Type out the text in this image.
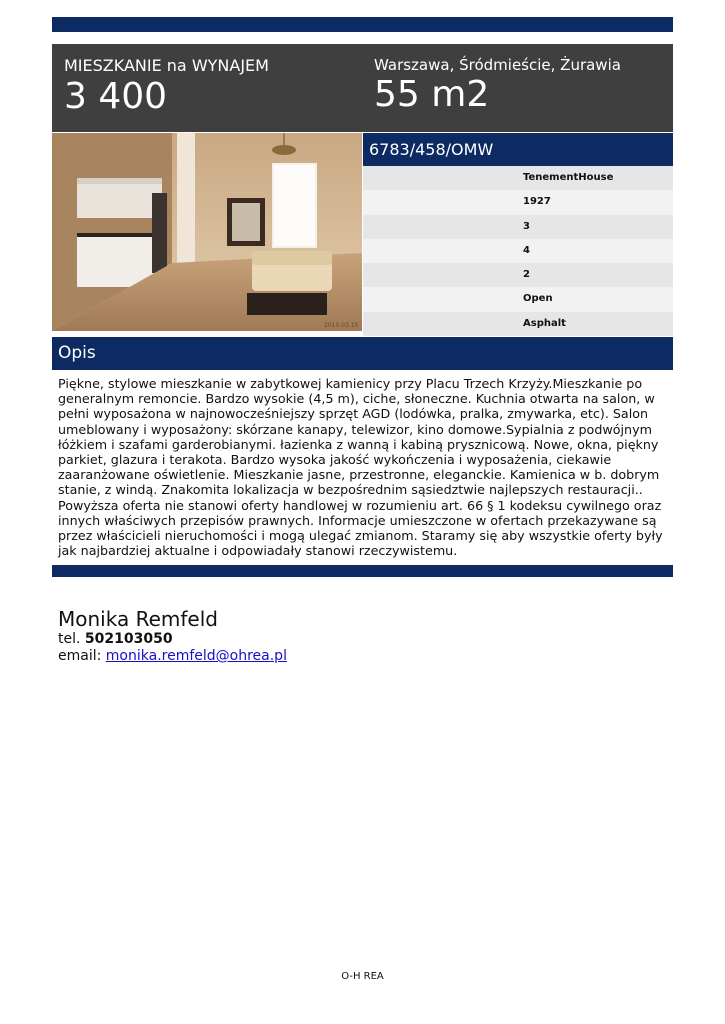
MIESZKANIE na WYNAJEM
3 400
Warszawa, Śródmieście, Żurawia
55 m2
2010.03.15
6783/458/OMW
TenementHouse
1927
3
4
2
Open
Asphalt
Opis
Piękne, stylowe mieszkanie w zabytkowej kamienicy przy Placu Trzech Krzyży.Mieszkanie po generalnym remoncie. Bardzo wysokie (4,5 m), ciche, słoneczne. Kuchnia otwarta na salon, w pełni wyposażona w najnowocześniejszy sprzęt AGD (lodówka, pralka, zmywarka, etc). Salon umeblowany i wyposażony: skórzane kanapy, telewizor, kino domowe.Sypialnia z podwójnym łóżkiem i szafami garderobianymi. łazienka z wanną i kabiną prysznicową. Nowe, okna, piękny parkiet, glazura i terakota. Bardzo wysoka jakość wykończenia i wyposażenia, ciekawie zaaranżowane oświetlenie. Mieszkanie jasne, przestronne, eleganckie. Kamienica w b. dobrym stanie, z windą. Znakomita lokalizacja w bezpośrednim sąsiedztwie najlepszych restauracji.. Powyższa oferta nie stanowi oferty handlowej w rozumieniu art. 66 § 1 kodeksu cywilnego oraz innych właściwych przepisów prawnych. Informacje umieszczone w ofertach przekazywane są przez właścicieli nieruchomości i mogą ulegać zmianom. Staramy się aby wszystkie oferty były jak najbardziej aktualne i odpowiadały stanowi rzeczywistemu.
Monika Remfeld
tel. 502103050
email: monika.remfeld@ohrea.pl
O-H REA
